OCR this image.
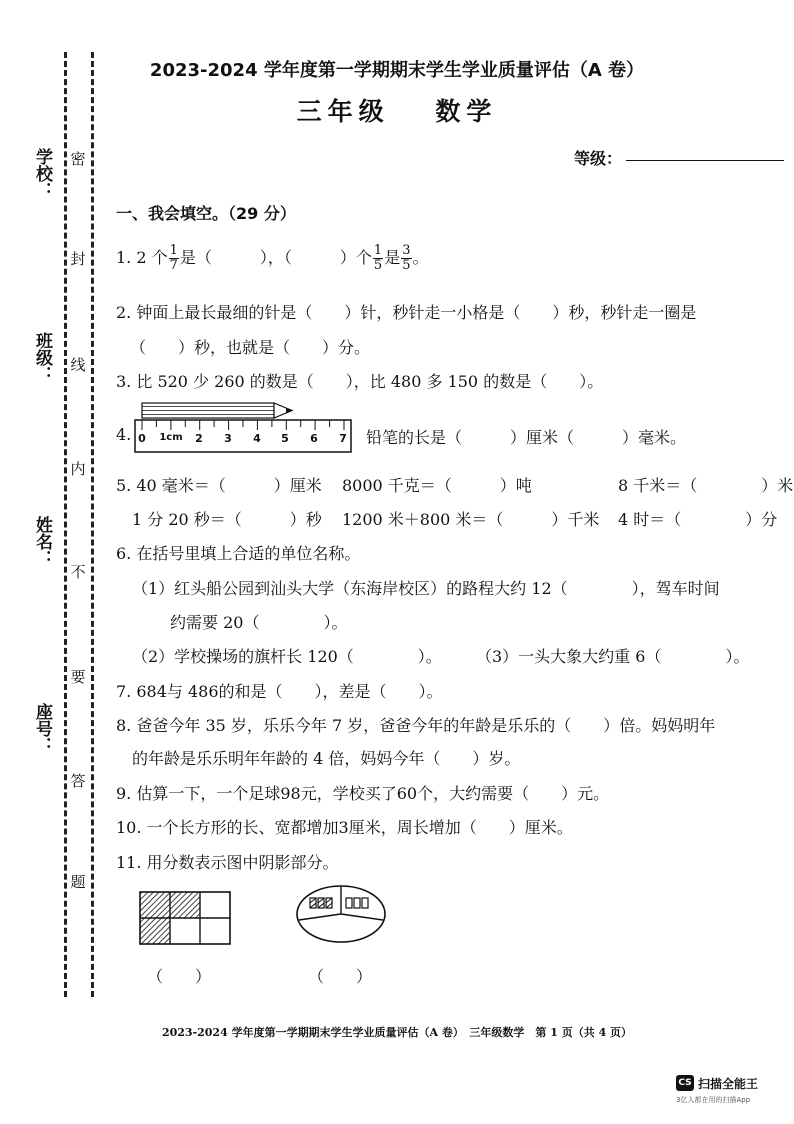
学校：
班级：
姓名：
座号：
密
封
线
内
不
要
答
题
2023-2024 学年度第一学期期末学生学业质量评估（A 卷）
三年级　 数学
等级：
一、我会填空。（29 分）
1. 2 个 $\frac{1}{7}$ 是（　　　），（　　　）个 $\frac{1}{5}$ 是 $\frac{3}{5}$ 。
2. 钟面上最长最细的针是（　　）针，秒针走一小格是（　　）秒，秒针走一圈是
（　　）秒，也就是（　　）分。
3. 比 520 少 260 的数是（　　），比 480 多 150 的数是（　　）。
4. 0 1cm 2 3 4 5 6 7 铅笔的长是（　　　）厘米（　　　）毫米。
5. 40 毫米＝（　　　）厘米 8000 千克＝（　　　）吨	8 千米＝（　　　　）米
1 分 20 秒＝（　　　）秒 1200 米＋800 米＝（　　　）千米 4 时＝（　　　　）分
6. 在括号里填上合适的单位名称。
（1）红头船公园到汕头大学（东海岸校区）的路程大约 12（　　　　），驾车时间
约需要 20（　　　　）。
（2）学校操场的旗杆长 120（　　　　）。 （3）一头大象大约重 6（　　　　）。
7. 684与 486的和是（　　），差是（　　）。
8. 爸爸今年 35 岁，乐乐今年 7 岁，爸爸今年的年龄是乐乐的（　　）倍。妈妈明年
的年龄是乐乐明年年龄的 4 倍，妈妈今年（　　）岁。
9. 估算一下，一个足球98元，学校买了60个，大约需要（　　）元。
10. 一个长方形的长、宽都增加3厘米，周长增加（　　）厘米。
11. 用分数表示图中阴影部分。
（　　）	（　　）
2023-2024 学年度第一学期期末学生学业质量评估（A 卷）　三年级数学　第 1 页（共 4 页）
CS 扫描全能王
3亿人都在用的扫描App
